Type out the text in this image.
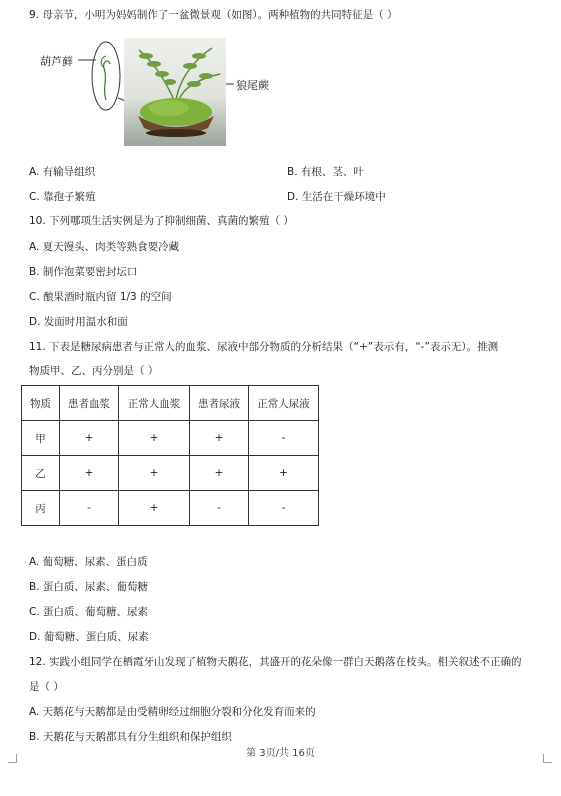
9. 母亲节，小明为妈妈制作了一盆微景观（如图）。两种植物的共同特征是（ ）
葫芦藓
狼尾蕨
A. 有输导组织	B. 有根、茎、叶
C. 靠孢子繁殖	D. 生活在干燥环境中
10. 下列哪项生活实例是为了抑制细菌、真菌的繁殖（ ）
A. 夏天馒头、肉类等熟食要冷藏
B. 制作泡菜要密封坛口
C. 酿果酒时瓶内留 1/3 的空间
D. 发面时用温水和面
11. 下表是糖尿病患者与正常人的血浆、尿液中部分物质的分析结果（“+”表示有，“-”表示无）。推测
物质甲、乙、丙分别是（ ）
物质	患者血浆	正常人血浆	患者尿液	正常人尿液
甲	+	+	+	-
乙	+	+	+	+
丙	-	+	-	-
A. 葡萄糖、尿素、蛋白质
B. 蛋白质、尿素、葡萄糖
C. 蛋白质、葡萄糖、尿素
D. 葡萄糖、蛋白质、尿素
12. 实践小组同学在栖霞牙山发现了植物天鹅花，其盛开的花朵像一群白天鹅落在枝头。相关叙述不正确的
是（ ）
A. 天鹅花与天鹅都是由受精卵经过细胞分裂和分化发育而来的
B. 天鹅花与天鹅都具有分生组织和保护组织
第 3页/共 16页
